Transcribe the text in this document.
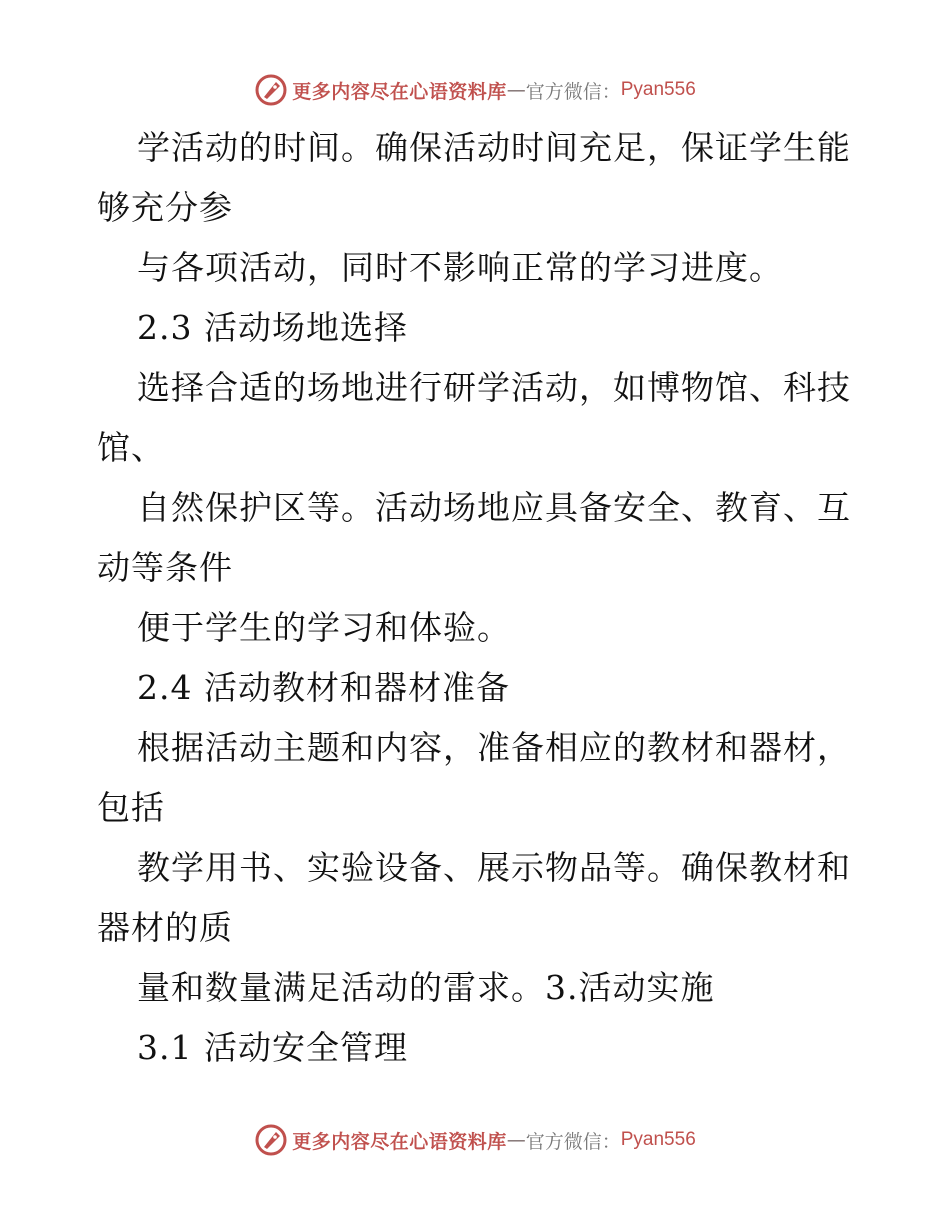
更多内容尽在心语资料库 — 官方微信： Pyan556
学活动的时间。确保活动时间充足，保证学生能
够充分参
与各项活动，同时不影响正常的学习进度。
2.3 活动场地选择
选择合适的场地进行研学活动，如博物馆、科技
馆、
自然保护区等。活动场地应具备安全、教育、互
动等条件
便于学生的学习和体验。
2.4 活动教材和器材准备
根据活动主题和内容，准备相应的教材和器材，
包括
教学用书、实验设备、展示物品等。确保教材和
器材的质
量和数量满足活动的雷求。3.活动实施
3.1 活动安全管理
更多内容尽在心语资料库 — 官方微信： Pyan556
